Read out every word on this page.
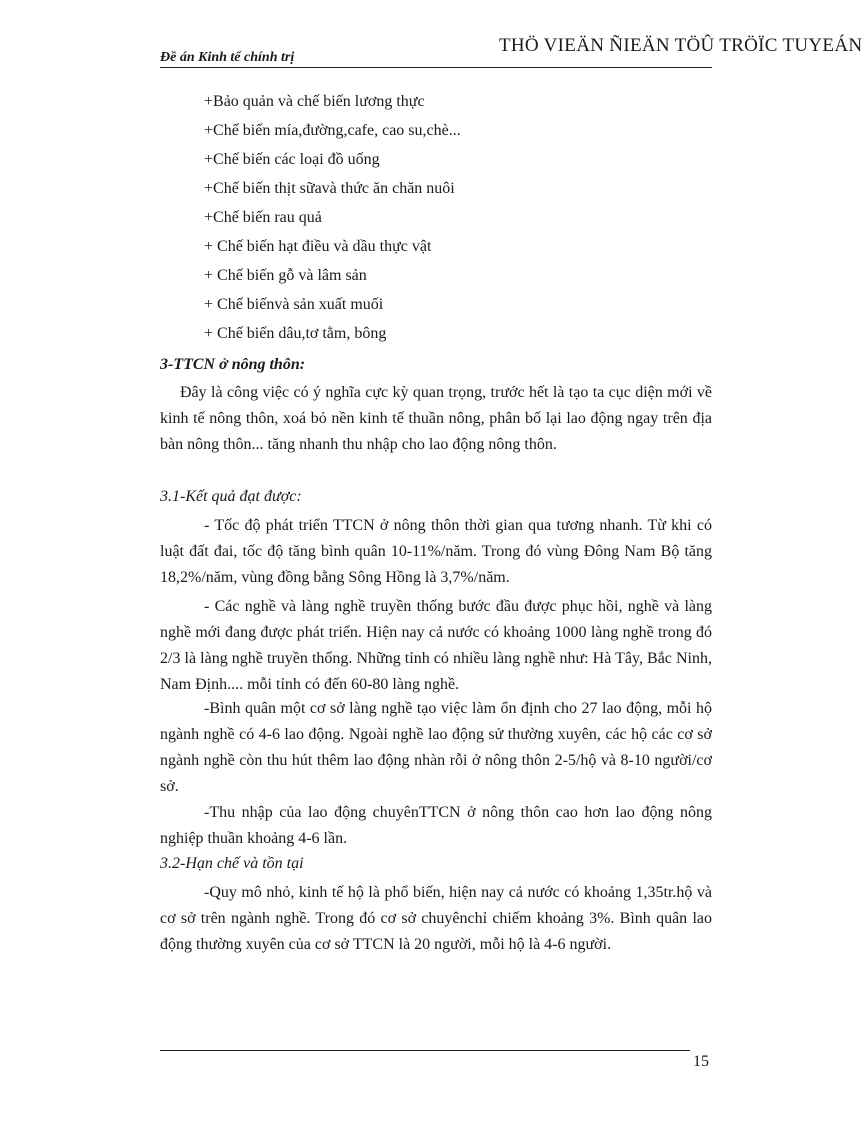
Đề án Kinh tế chính trị
THÖ VIEÄN ÑIEÄN TÖÛ TRÖÏC TUYEÁN
+Bảo quản và chế biến lương thực
+Chế biến mía,đường,cafe, cao su,chè...
+Chế biến các loại đồ uống
+Chế biến thịt sữavà thức ăn chăn nuôi
+Chế biến rau quả
+ Chế biến hạt điều và dầu thực vật
+ Chế biến gỗ và lâm sản
+ Chế biếnvà sản xuất muối
+ Chế biến dâu,tơ tằm, bông
3-TTCN ở nông thôn:
Đây là công việc có ý nghĩa cực kỳ quan trọng, trước hết là tạo ta cục diện mới về kinh tế nông thôn, xoá bỏ nền kinh tế thuần nông, phân bố lại lao động ngay trên địa bàn nông thôn... tăng nhanh thu nhập cho lao động nông thôn.
3.1-Kết quả đạt được:
- Tốc độ phát triển TTCN ở nông thôn thời gian qua tương nhanh. Từ khi có luật đất đai, tốc độ tăng bình quân 10-11%/năm. Trong đó vùng Đông Nam Bộ tăng 18,2%/năm, vùng đồng bằng Sông Hồng là 3,7%/năm.
- Các nghề và làng nghề truyền thống bước đầu được phục hồi, nghề và làng nghề mới đang được phát triển. Hiện nay cả nước có khoảng 1000 làng nghề trong đó 2/3 là làng nghề truyền thống. Những tỉnh có nhiều làng nghề như: Hà Tây, Bắc Ninh, Nam Định.... mỗi tỉnh có đến 60-80 làng nghề.
-Bình quân một cơ sở làng nghề tạo việc làm ổn định cho 27 lao động, mỗi hộ ngành nghề có 4-6 lao động. Ngoài nghề lao động sử thường xuyên, các hộ các cơ sở ngành nghề còn thu hút thêm lao động nhàn rỗi ở nông thôn 2-5/hộ và 8-10 người/cơ sở.
-Thu nhập của lao động chuyênTTCN ở nông thôn cao hơn lao động nông nghiệp thuần khoảng 4-6 lần.
3.2-Hạn chế và tồn tại
-Quy mô nhỏ, kinh tế hộ là phổ biến, hiện nay cả nước có khoảng 1,35tr.hộ và cơ sở trên ngành nghề. Trong đó cơ sở chuyênchỉ chiếm khoảng 3%. Bình quân lao động thường xuyên của cơ sở TTCN là 20 người, mỗi hộ là 4-6 người.
15
